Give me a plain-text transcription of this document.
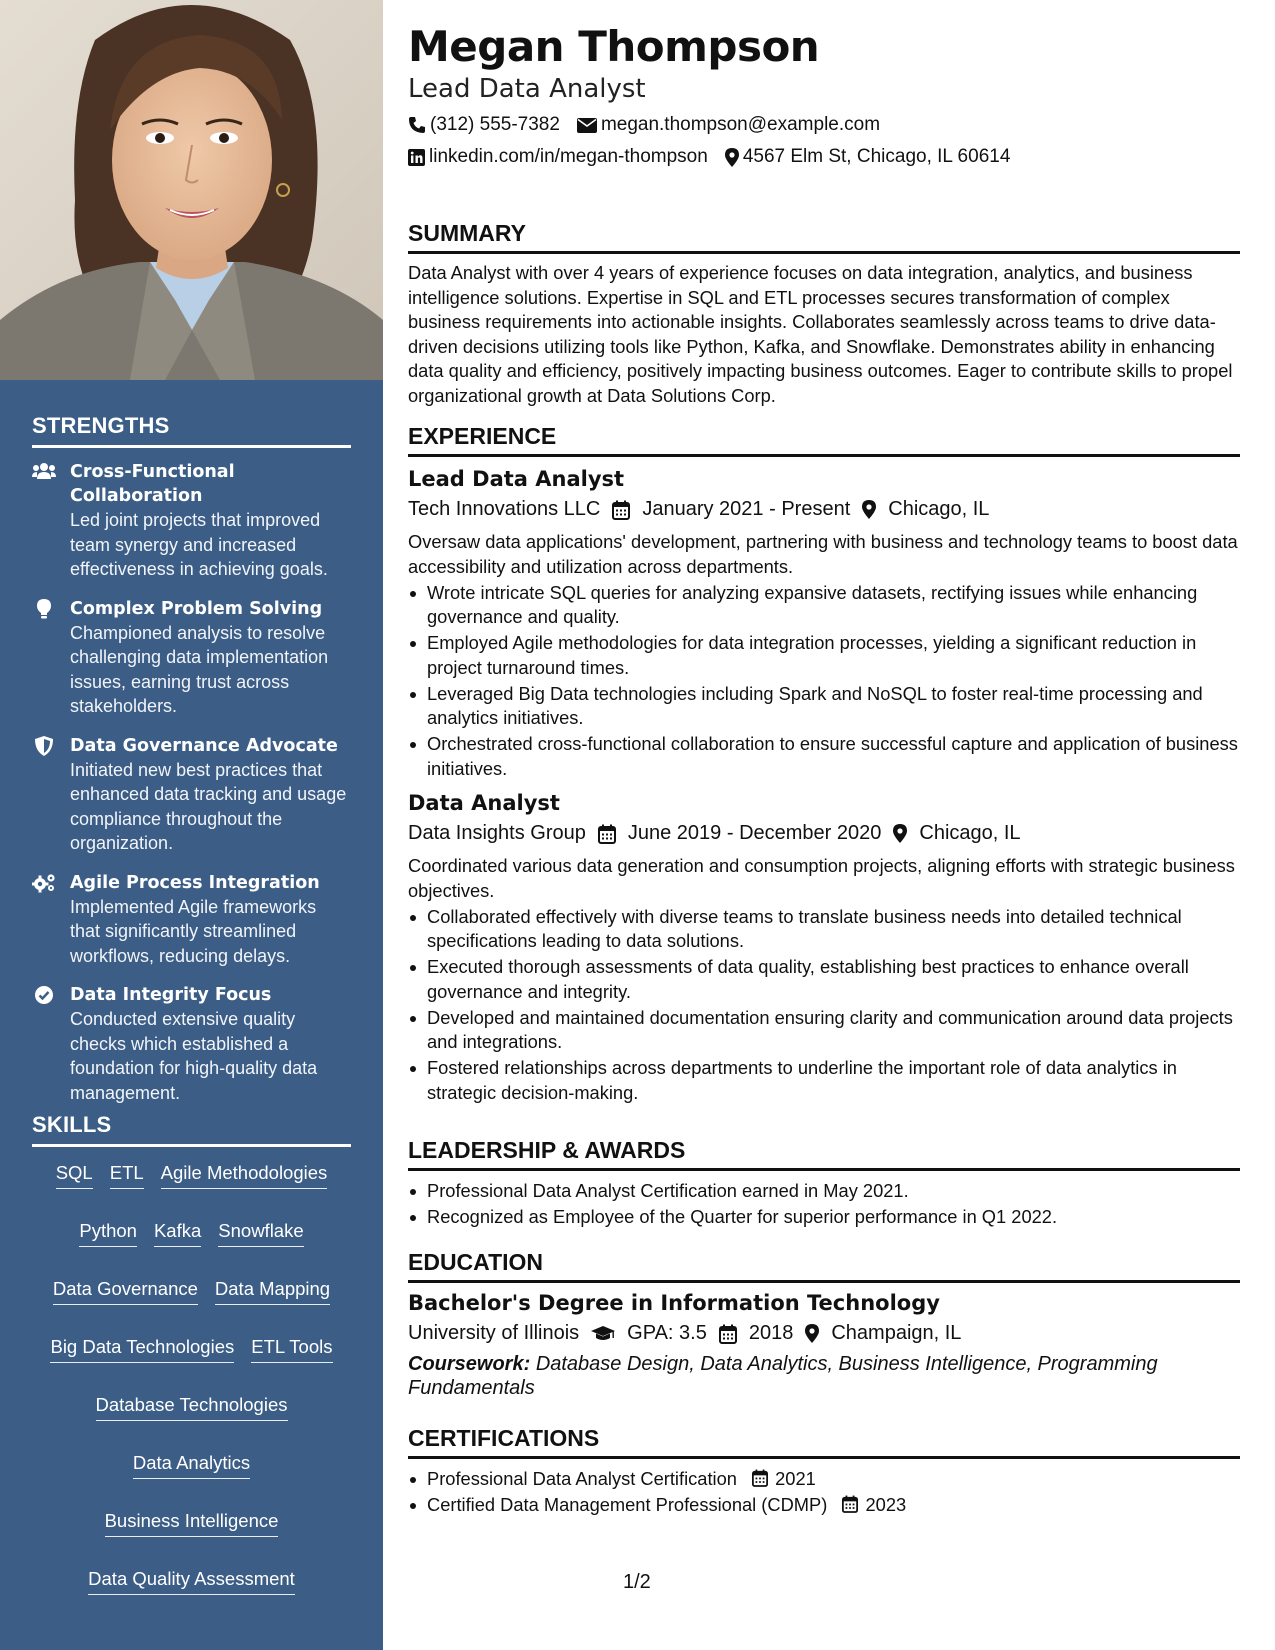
STRENGTHS
Cross-Functional Collaboration
Led joint projects that improved team synergy and increased effectiveness in achieving goals.
Complex Problem Solving
Championed analysis to resolve challenging data implementation issues, earning trust across stakeholders.
Data Governance Advocate
Initiated new best practices that enhanced data tracking and usage compliance throughout the organization.
Agile Process Integration
Implemented Agile frameworks that significantly streamlined workflows, reducing delays.
Data Integrity Focus
Conducted extensive quality checks which established a foundation for high-quality data management.
SKILLS
SQL ETL Agile Methodologies
Python Kafka Snowflake
Data Governance Data Mapping
Big Data Technologies ETL Tools
Database Technologies
Data Analytics
Business Intelligence
Data Quality Assessment
Megan Thompson
Lead Data Analyst
(312) 555-7382 megan.thompson@example.com
linkedin.com/in/megan-thompson 4567 Elm St, Chicago, IL 60614
SUMMARY
Data Analyst with over 4 years of experience focuses on data integration, analytics, and business intelligence solutions. Expertise in SQL and ETL processes secures transformation of complex business requirements into actionable insights. Collaborates seamlessly across teams to drive data-driven decisions utilizing tools like Python, Kafka, and Snowflake. Demonstrates ability in enhancing data quality and efficiency, positively impacting business outcomes. Eager to contribute skills to propel organizational growth at Data Solutions Corp.
EXPERIENCE
Lead Data Analyst
Tech Innovations LLC January 2021 - Present Chicago, IL
Oversaw data applications' development, partnering with business and technology teams to boost data accessibility and utilization across departments.
Wrote intricate SQL queries for analyzing expansive datasets, rectifying issues while enhancing governance and quality.
Employed Agile methodologies for data integration processes, yielding a significant reduction in project turnaround times.
Leveraged Big Data technologies including Spark and NoSQL to foster real-time processing and analytics initiatives.
Orchestrated cross-functional collaboration to ensure successful capture and application of business initiatives.
Data Analyst
Data Insights Group June 2019 - December 2020 Chicago, IL
Coordinated various data generation and consumption projects, aligning efforts with strategic business objectives.
Collaborated effectively with diverse teams to translate business needs into detailed technical specifications leading to data solutions.
Executed thorough assessments of data quality, establishing best practices to enhance overall governance and integrity.
Developed and maintained documentation ensuring clarity and communication around data projects and integrations.
Fostered relationships across departments to underline the important role of data analytics in strategic decision-making.
LEADERSHIP & AWARDS
Professional Data Analyst Certification earned in May 2021.
Recognized as Employee of the Quarter for superior performance in Q1 2022.
EDUCATION
Bachelor's Degree in Information Technology
University of Illinois GPA: 3.5 2018 Champaign, IL
Coursework: Database Design, Data Analytics, Business Intelligence, Programming Fundamentals
CERTIFICATIONS
Professional Data Analyst Certification 2021
Certified Data Management Professional (CDMP) 2023
1/2
